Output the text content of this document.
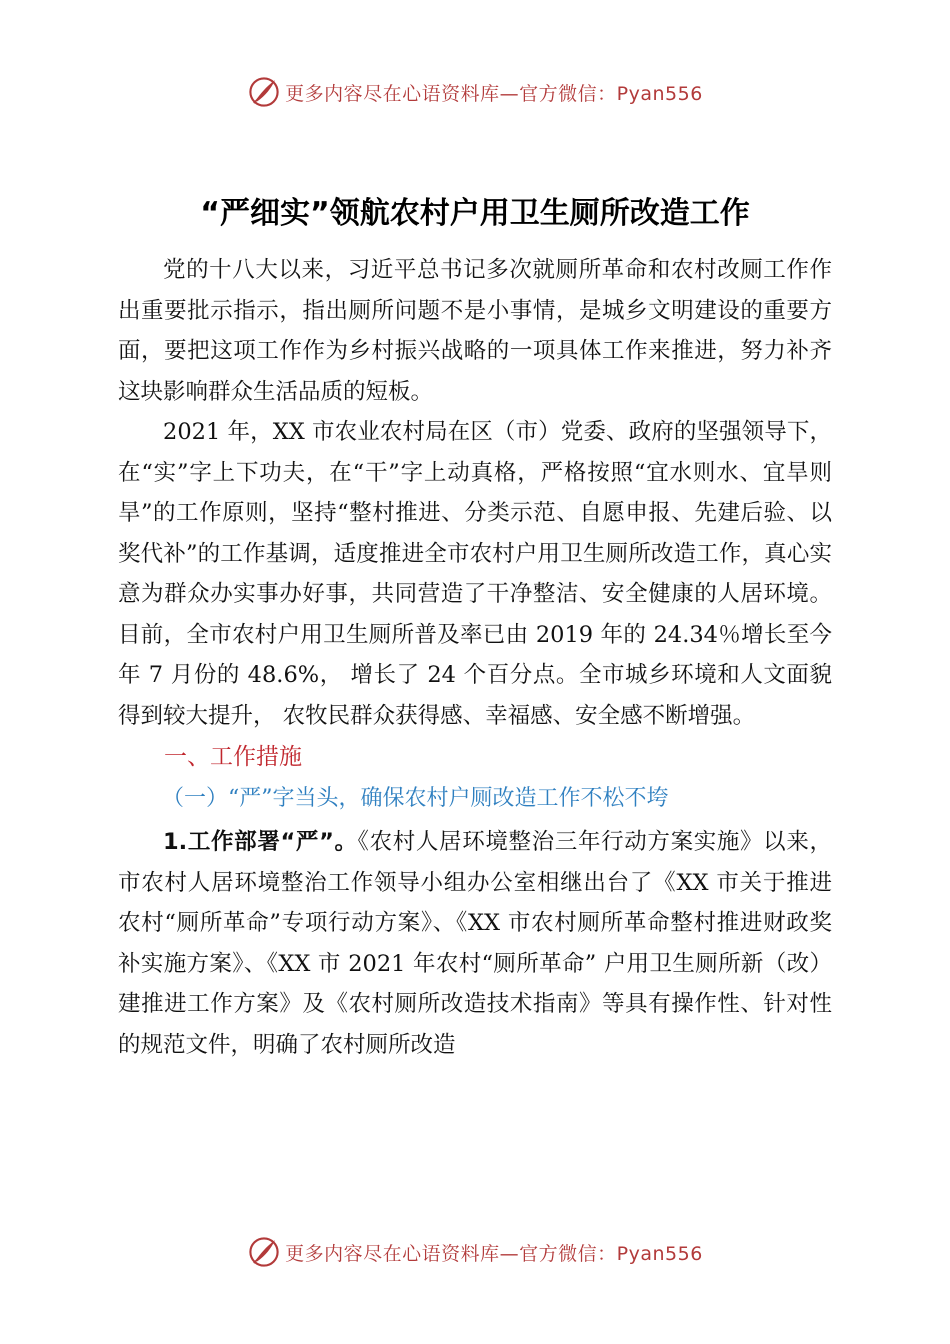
更多内容尽在心语资料库—官方微信：Pyan556
“严细实”领航农村户用卫生厕所改造工作

党的十八大以来，习近平总书记多次就厕所革命和农村改厕工作作出重要批示指示，指出厕所问题不是小事情，是城乡文明建设的重要方面，要把这项工作作为乡村振兴战略的一项具体工作来推进，努力补齐这块影响群众生活品质的短板。

2021 年，XX 市农业农村局在区（市）党委、政府的坚强领导下，在“实”字上下功夫，在“干”字上动真格，严格按照“宜水则水、宜旱则旱”的工作原则，坚持“整村推进、分类示范、自愿申报、先建后验、以奖代补”的工作基调，适度推进全市农村户用卫生厕所改造工作，真心实意为群众办实事办好事，共同营造了干净整洁、安全健康的人居环境。目前，全市农村户用卫生厕所普及率已由 2019 年的 24.34％增长至今年 7 月份的 48.6%， 增长了 24 个百分点。全市城乡环境和人文面貌得到较大提升， 农牧民群众获得感、幸福感、安全感不断增强。

一、工作措施
（一）“严”字当头，确保农村户厕改造工作不松不垮

1.工作部署“严”。《农村人居环境整治三年行动方案实施》以来，市农村人居环境整治工作领导小组办公室相继出台了《XX 市关于推进农村“厕所革命”专项行动方案》、《XX 市农村厕所革命整村推进财政奖补实施方案》、《XX 市 2021 年农村“厕所革命” 户用卫生厕所新（改）建推进工作方案》及《农村厕所改造技术指南》等具有操作性、针对性的规范文件，明确了农村厕所改造

更多内容尽在心语资料库—官方微信：Pyan556
